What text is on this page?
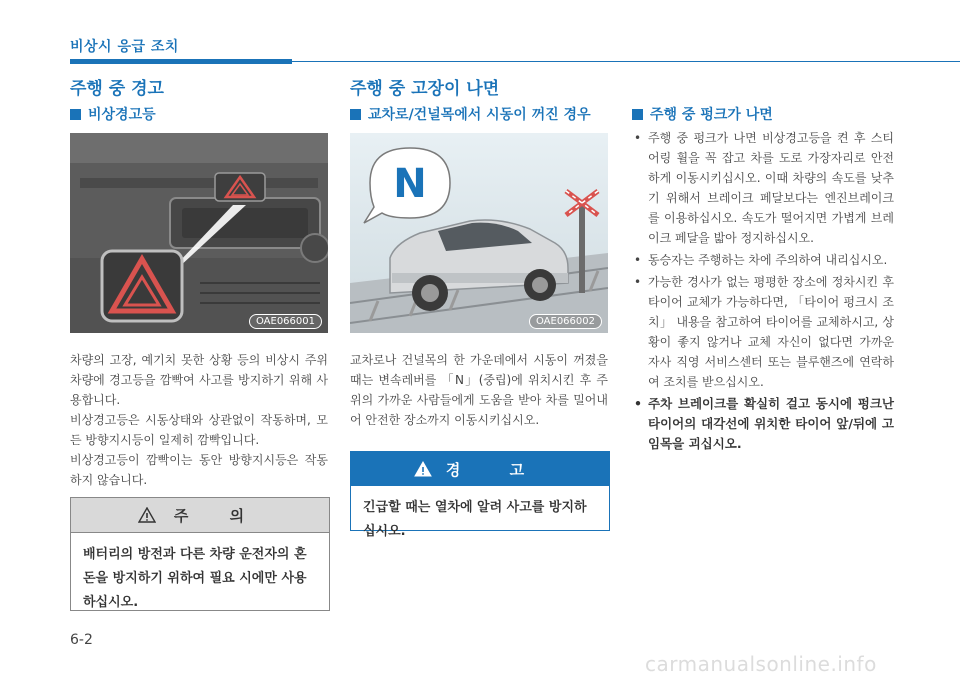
비상시 응급 조치
주행 중 경고
비상경고등
OAE066001

차량의 고장, 예기치 못한 상황 등의 비상시 주위 차량에 경고등을 깜빡여 사고를 방지하기 위해 사용합니다.

비상경고등은 시동상태와 상관없이 작동하며, 모든 방향지시등이 일제히 깜빡입니다.

비상경고등이 깜빡이는 동안 방향지시등은 작동하지 않습니다.

주 의
배터리의 방전과 다른 차량 운전자의 혼돈을 방지하기 위하여 필요 시에만 사용하십시오.
주행 중 고장이 나면
교차로/건널목에서 시동이 꺼진 경우
N
OAE066002
교차로나 건널목의 한 가운데에서 시동이 꺼졌을 때는 변속레버를 「N」(중립)에 위치시킨 후 주위의 가까운 사람들에게 도움을 받아 차를 밀어내어 안전한 장소까지 이동시키십시오.
경 고
긴급할 때는 열차에 알려 사고를 방지하십시오.
주행 중 펑크가 나면
• 주행 중 펑크가 나면 비상경고등을 켠 후 스티어링 휠을 꼭 잡고 차를 도로 가장자리로 안전하게 이동시키십시오. 이때 차량의 속도를 낮추기 위해서 브레이크 페달보다는 엔진브레이크를 이용하십시오. 속도가 떨어지면 가볍게 브레이크 페달을 밟아 정지하십시오.
• 동승자는 주행하는 차에 주의하여 내리십시오.
• 가능한 경사가 없는 평평한 장소에 정차시킨 후 타이어 교체가 가능하다면, 「타이어 펑크시 조치」 내용을 참고하여 타이어를 교체하시고, 상황이 좋지 않거나 교체 자신이 없다면 가까운 자사 직영 서비스센터 또는 블루핸즈에 연락하여 조치를 받으십시오.
• 주차 브레이크를 확실히 걸고 동시에 펑크난 타이어의 대각선에 위치한 타이어 앞/뒤에 고임목을 괴십시오.
6-2
carmanualsonline.info
